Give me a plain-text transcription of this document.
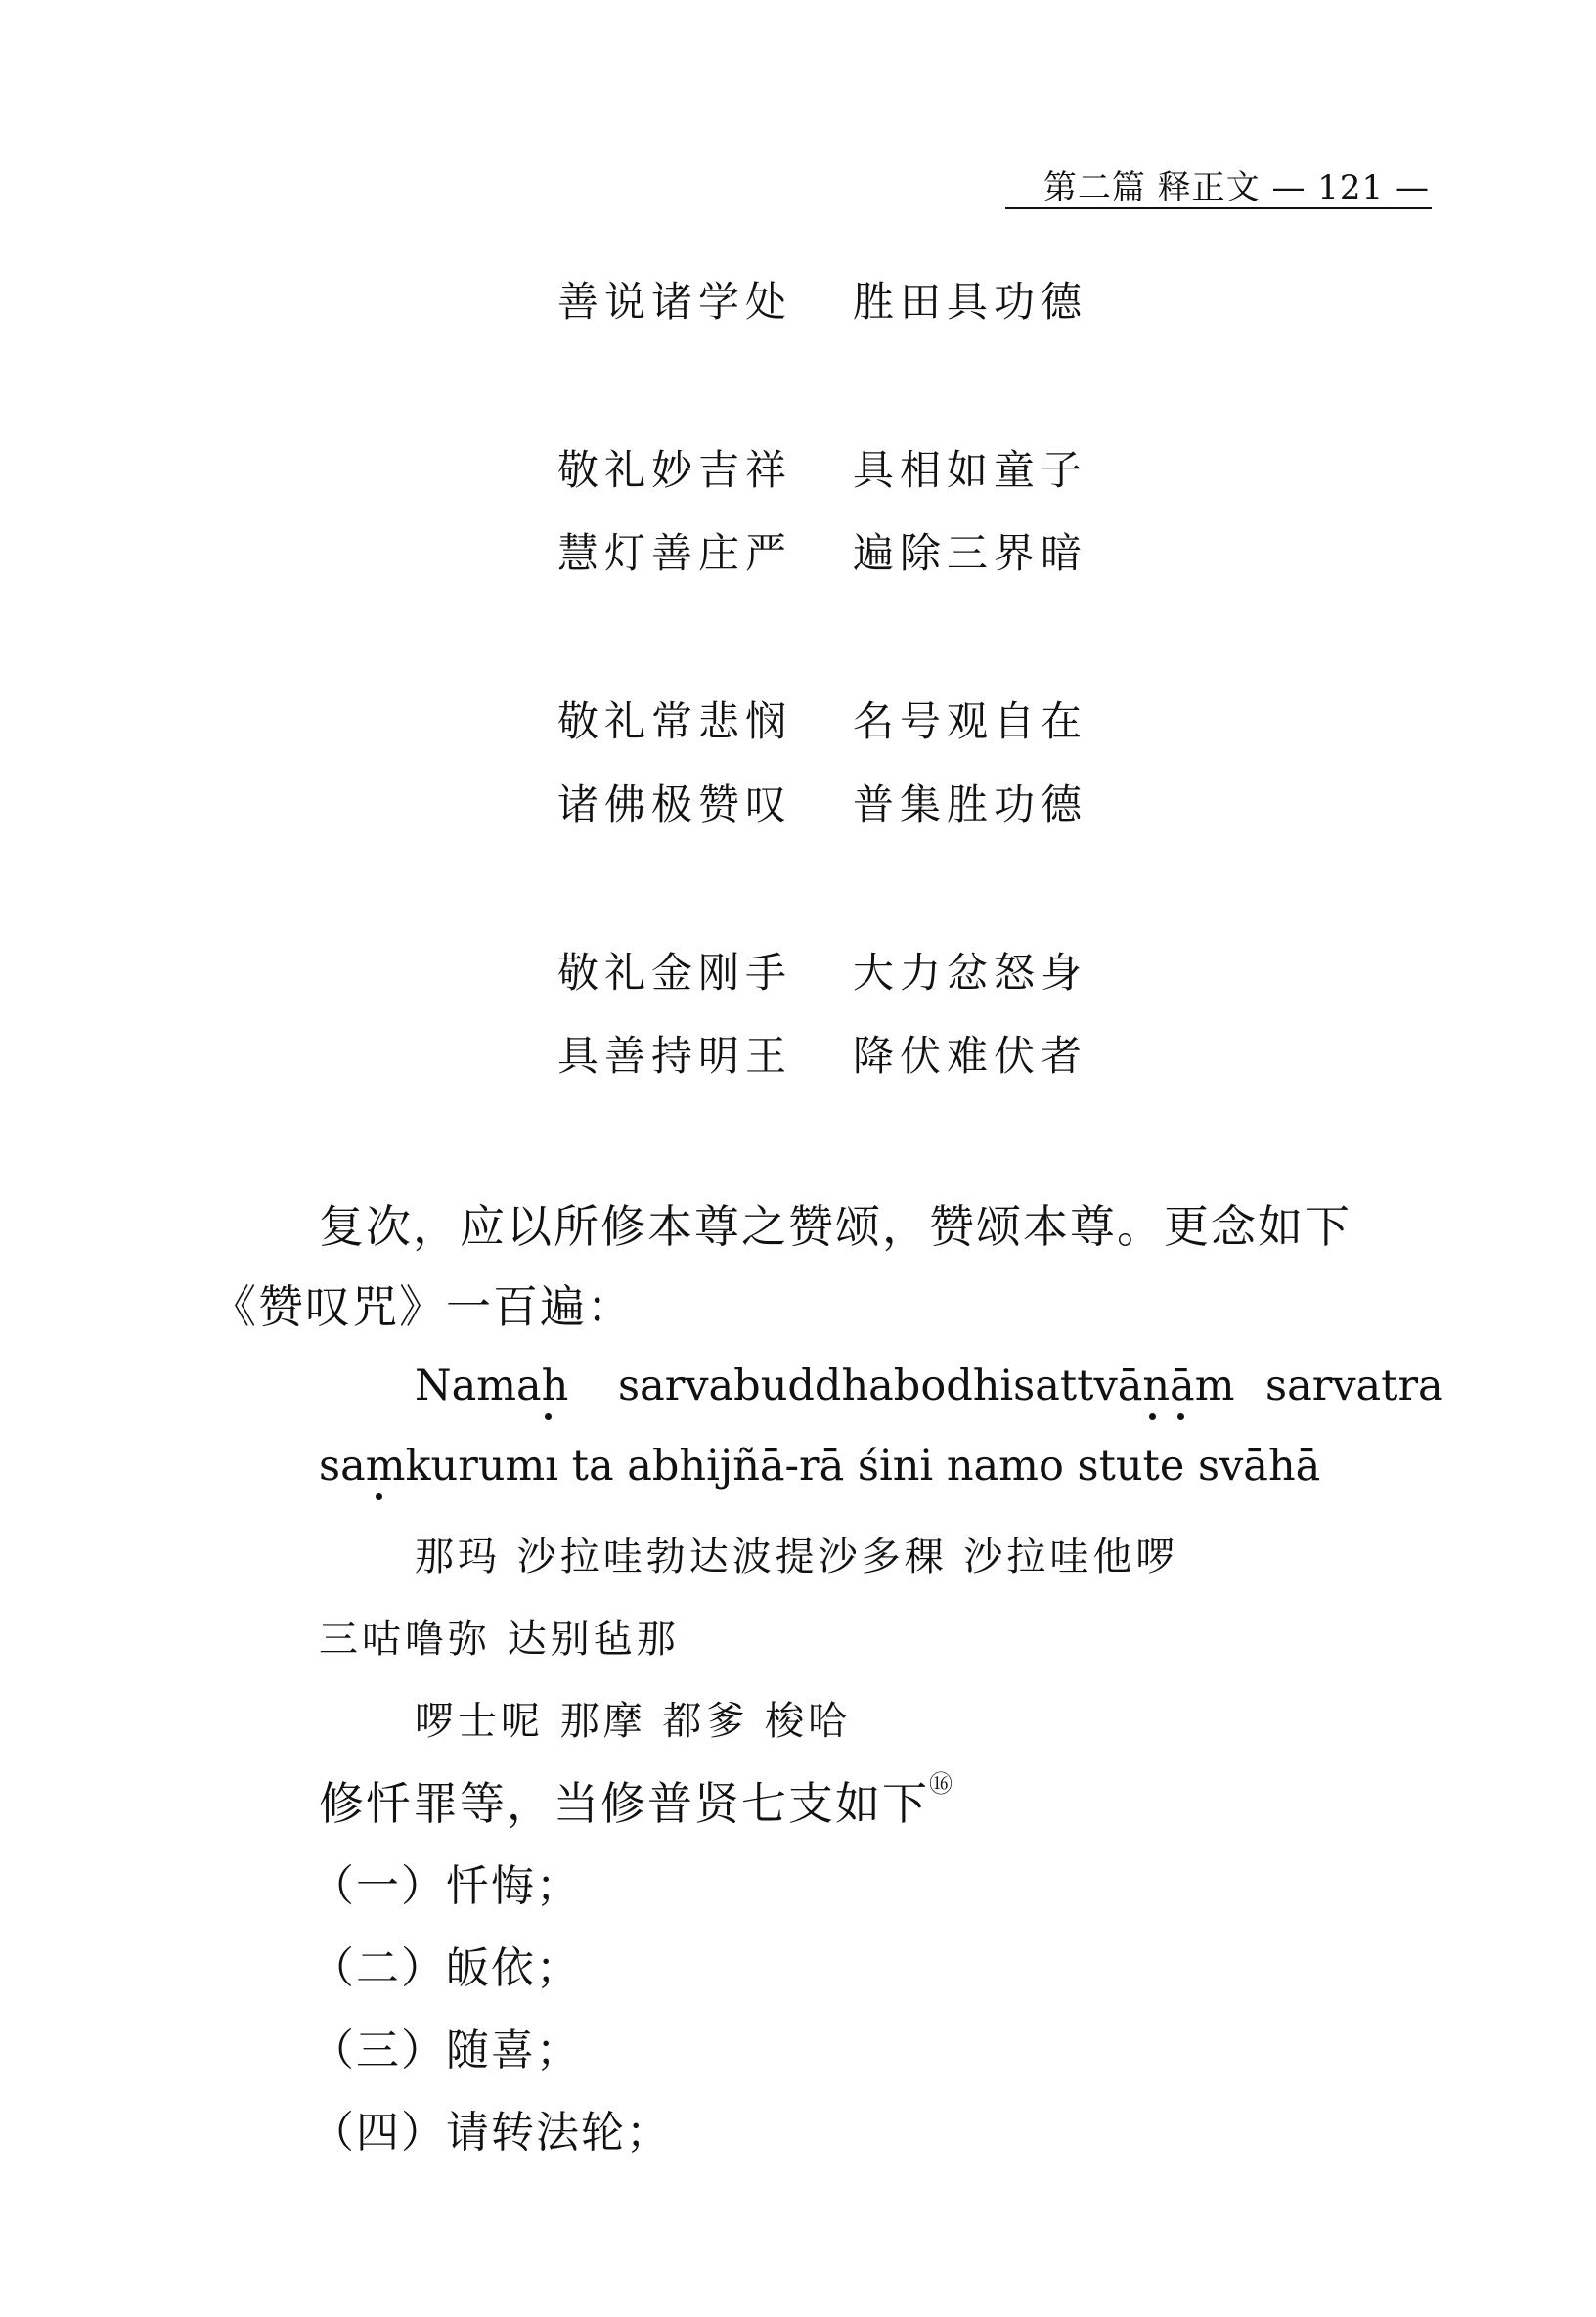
第二篇 释正文 — 121 —
善说诸学处 胜田具功德
敬礼妙吉祥 具相如童子
慧灯善庄严 遍除三界暗
敬礼常悲悯 名号观自在
诸佛极赞叹 普集胜功德
敬礼金刚手 大力忿怒身
具善持明王 降伏难伏者
复次，应以所修本尊之赞颂，赞颂本尊。更念如下
《赞叹咒》一百遍：
Namah sarvabuddhabodhisattvānām sarvatra
samkurumı ta abhijñā-rā śini namo stute svāhā
那玛 沙拉哇勃达波提沙多稞 沙拉哇他啰
三咕噜弥 达别毡那
啰士呢 那摩 都爹 梭哈
修忏罪等，当修普贤七支如下⑯
（一）忏悔；
（二）皈依；
（三）随喜；
（四）请转法轮；
